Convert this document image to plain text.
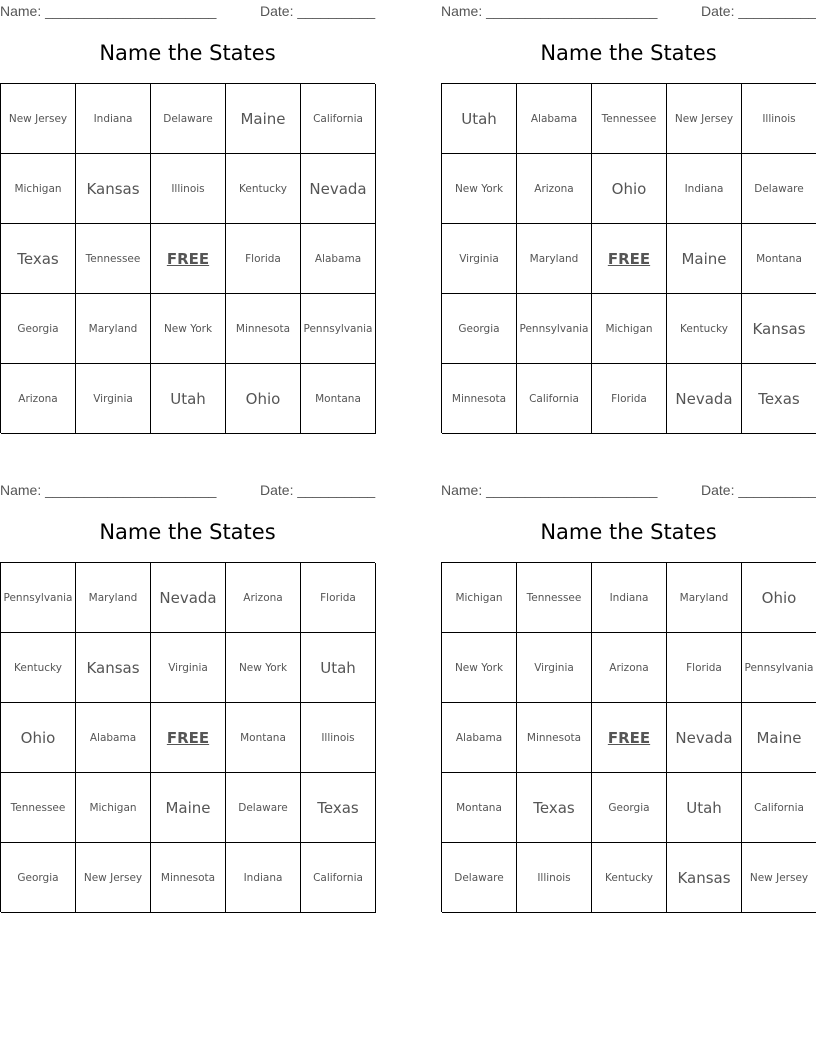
Name: ______________________	Date: __________
Name the States
New Jersey	Indiana	Delaware	Maine	California
Michigan	Kansas	Illinois	Kentucky	Nevada
Texas	Tennessee	FREE	Florida	Alabama
Georgia	Maryland	New York	Minnesota	Pennsylvania
Arizona	Virginia	Utah	Ohio	Montana
Name: ______________________	Date: __________
Name the States
Utah	Alabama	Tennessee	New Jersey	Illinois
New York	Arizona	Ohio	Indiana	Delaware
Virginia	Maryland	FREE	Maine	Montana
Georgia	Pennsylvania	Michigan	Kentucky	Kansas
Minnesota	California	Florida	Nevada	Texas
Name: ______________________	Date: __________
Name the States
Pennsylvania	Maryland	Nevada	Arizona	Florida
Kentucky	Kansas	Virginia	New York	Utah
Ohio	Alabama	FREE	Montana	Illinois
Tennessee	Michigan	Maine	Delaware	Texas
Georgia	New Jersey	Minnesota	Indiana	California
Name: ______________________	Date: __________
Name the States
Michigan	Tennessee	Indiana	Maryland	Ohio
New York	Virginia	Arizona	Florida	Pennsylvania
Alabama	Minnesota	FREE	Nevada	Maine
Montana	Texas	Georgia	Utah	California
Delaware	Illinois	Kentucky	Kansas	New Jersey
